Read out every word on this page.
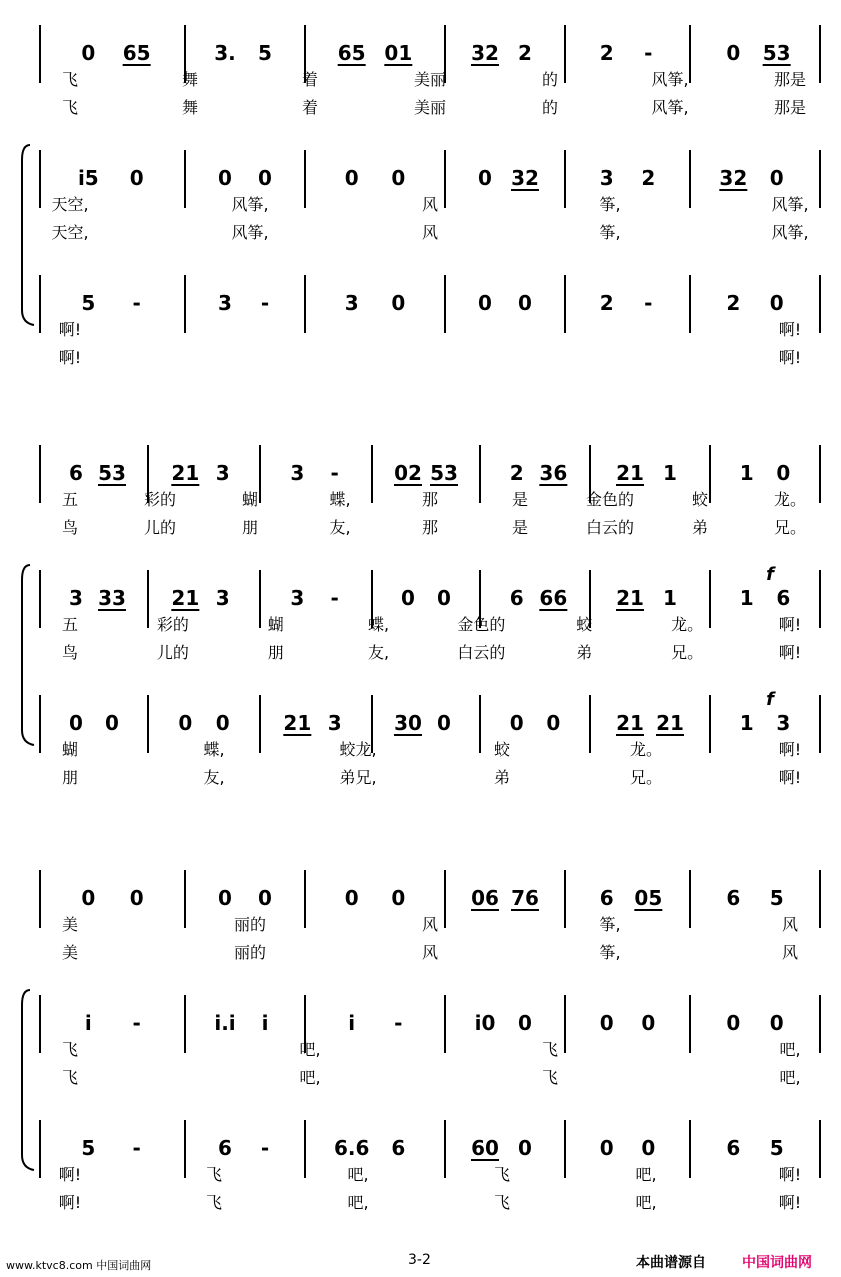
0 65	3. 5	65 01	32 2	2 -	0 53
飞	舞	着	美丽	的	风筝,	那是
飞	舞	着	美丽	的	风筝,	那是
i5 0	0 0	0 0	0 32	3 2	32 0
天空,	风筝,	风	筝,	风筝,
天空,	风筝,	风	筝,	风筝,
5 -	3 -	3 0	0 0	2 -	2 0
啊!	啊!
啊!	啊!
6 53 21 3	3 -	02 53	2 36 21 1	1 0
五	彩的	蝴	蝶,	那	是	金色的	蛟	龙。
鸟	儿的	朋	友,	那	是	白云的	弟	兄。
3 33 21 3	3 -	0 0	6 66 21 1	1 6
f
五	彩的	蝴	蝶,	金色的	蛟	龙。	啊!
鸟	儿的	朋	友,	白云的	弟	兄。	啊!
0 0	0 0	21 3	30 0	0 0	21 21	1 3
f
蝴	蝶,	蛟龙,	蛟	龙。	啊!
朋	友,	弟兄,	弟	兄。	啊!
0 0	0 0	0 0	06 76	6 05	6 5
美	丽的	风	筝,	风
美	丽的	风	筝,	风
i -	i.i i	i -	i0 0	0 0	0 0
飞	吧,	飞	吧,
飞	吧,	飞	吧,
5 -	6 -	6.6 6	60 0	0 0	6 5
啊!	飞	吧,	飞	吧,	啊!
啊!	飞	吧,	飞	吧,	啊!
www.ktvc8.com 中国词曲网	3-2	本曲谱源自	中国词曲网
